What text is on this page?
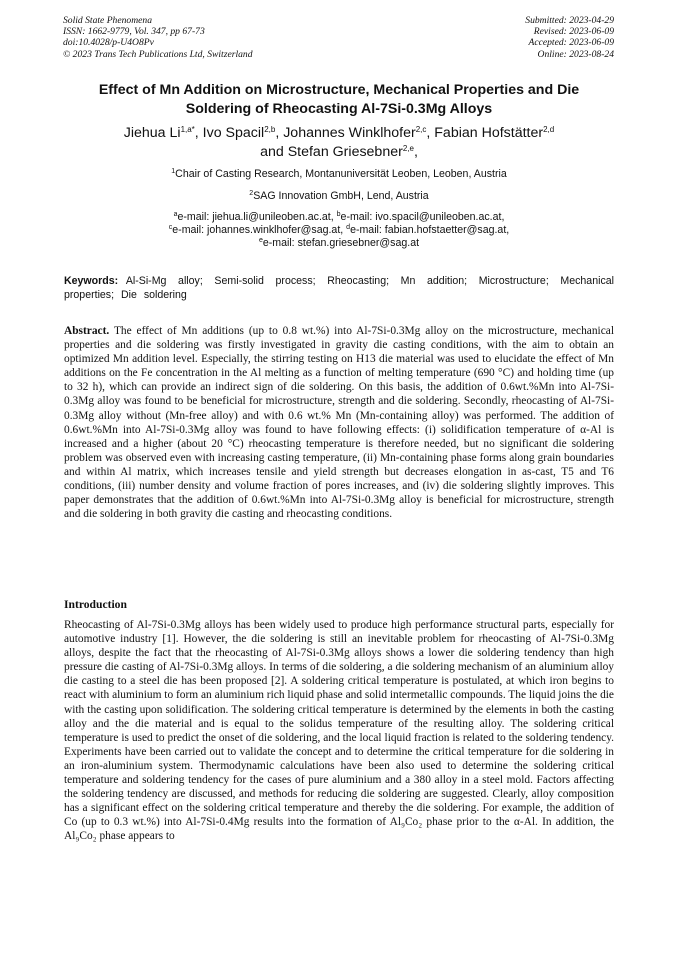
Solid State Phenomena
ISSN: 1662-9779, Vol. 347, pp 67-73
doi:10.4028/p-U4O8Pv
© 2023 Trans Tech Publications Ltd, Switzerland
Submitted: 2023-04-29
Revised: 2023-06-09
Accepted: 2023-06-09
Online: 2023-08-24
Effect of Mn Addition on Microstructure, Mechanical Properties and Die
Soldering of Rheocasting Al-7Si-0.3Mg Alloys
Jiehua $Li^{1,a*}$, Ivo Spacil$^{2,b}$, Johannes Winklhofer$^{2,c}$, Fabian Hofstätter$^{2,d}$
and Stefan Griesebner$^{2,e}$,
$^1$Chair of Casting Research, Montanuniversität Leoben, Leoben, Austria
$^2$SAG Innovation GmbH, Lend, Austria
$^a$e-mail: jiehua.li@unileoben.ac.at, $^b$e-mail: ivo.spacil@unileoben.ac.at,
$^c$e-mail: johannes.winklhofer@sag.at, $^d$e-mail: fabian.hofstaetter@sag.at,
$^e$e-mail: stefan.griesebner@sag.at
Keywords: Al-Si-Mg alloy; Semi-solid process; Rheocasting; Mn addition; Microstructure; Mechanical properties; Die soldering
Abstract. The effect of Mn additions (up to 0.8 wt.%) into Al-7Si-0.3Mg alloy on the microstructure, mechanical properties and die soldering was firstly investigated in gravity die casting conditions, with the aim to obtain an optimized Mn addition level. Especially, the stirring testing on H13 die material was used to elucidate the effect of Mn additions on the Fe concentration in the Al melting as a function of melting temperature (690 °C) and holding time (up to 32 h), which can provide an indirect sign of die soldering. On this basis, the addition of 0.6wt.%Mn into Al-7Si-0.3Mg alloy was found to be beneficial for microstructure, strength and die soldering. Secondly, rheocasting of Al-7Si-0.3Mg alloy without (Mn-free alloy) and with 0.6 wt.% Mn (Mn-containing alloy) was performed. The addition of 0.6wt.%Mn into Al-7Si-0.3Mg alloy was found to have following effects: (i) solidification temperature of α-Al is increased and a higher (about 20 °C) rheocasting temperature is therefore needed, but no significant die soldering problem was observed even with increasing casting temperature, (ii) Mn-containing phase forms along grain boundaries and within Al matrix, which increases tensile and yield strength but decreases elongation in as-cast, T5 and T6 conditions, (iii) number density and volume fraction of pores increases, and (iv) die soldering slightly improves. This paper demonstrates that the addition of 0.6wt.%Mn into Al-7Si-0.3Mg alloy is beneficial for microstructure, strength and die soldering in both gravity die casting and rheocasting conditions.
Introduction
Rheocasting of Al-7Si-0.3Mg alloys has been widely used to produce high performance structural parts, especially for automotive industry [1]. However, the die soldering is still an inevitable problem for rheocasting of Al-7Si-0.3Mg alloys, despite the fact that the rheocasting of Al-7Si-0.3Mg alloys shows a lower die soldering tendency than high pressure die casting of Al-7Si-0.3Mg alloys. In terms of die soldering, a die soldering mechanism of an aluminium alloy die casting to a steel die has been proposed [2]. A soldering critical temperature is postulated, at which iron begins to react with aluminium to form an aluminium rich liquid phase and solid intermetallic compounds. The liquid joins the die with the casting upon solidification. The soldering critical temperature is determined by the elements in both the casting alloy and the die material and is equal to the solidus temperature of the resulting alloy. The soldering critical temperature is used to predict the onset of die soldering, and the local liquid fraction is related to the soldering tendency. Experiments have been carried out to validate the concept and to determine the critical temperature for die soldering in an iron-aluminium system. Thermodynamic calculations have been also used to determine the soldering critical temperature and soldering tendency for the cases of pure aluminium and a 380 alloy in a steel mold. Factors affecting the soldering tendency are discussed, and methods for reducing die soldering are suggested. Clearly, alloy composition has a significant effect on the soldering critical temperature and thereby the die soldering. For example, the addition of Co (up to 0.3 wt.%) into Al-7Si-0.4Mg results into the formation of Al₉Co₂ phase prior to the α-Al. In addition, the Al₉Co₂ phase appears to
